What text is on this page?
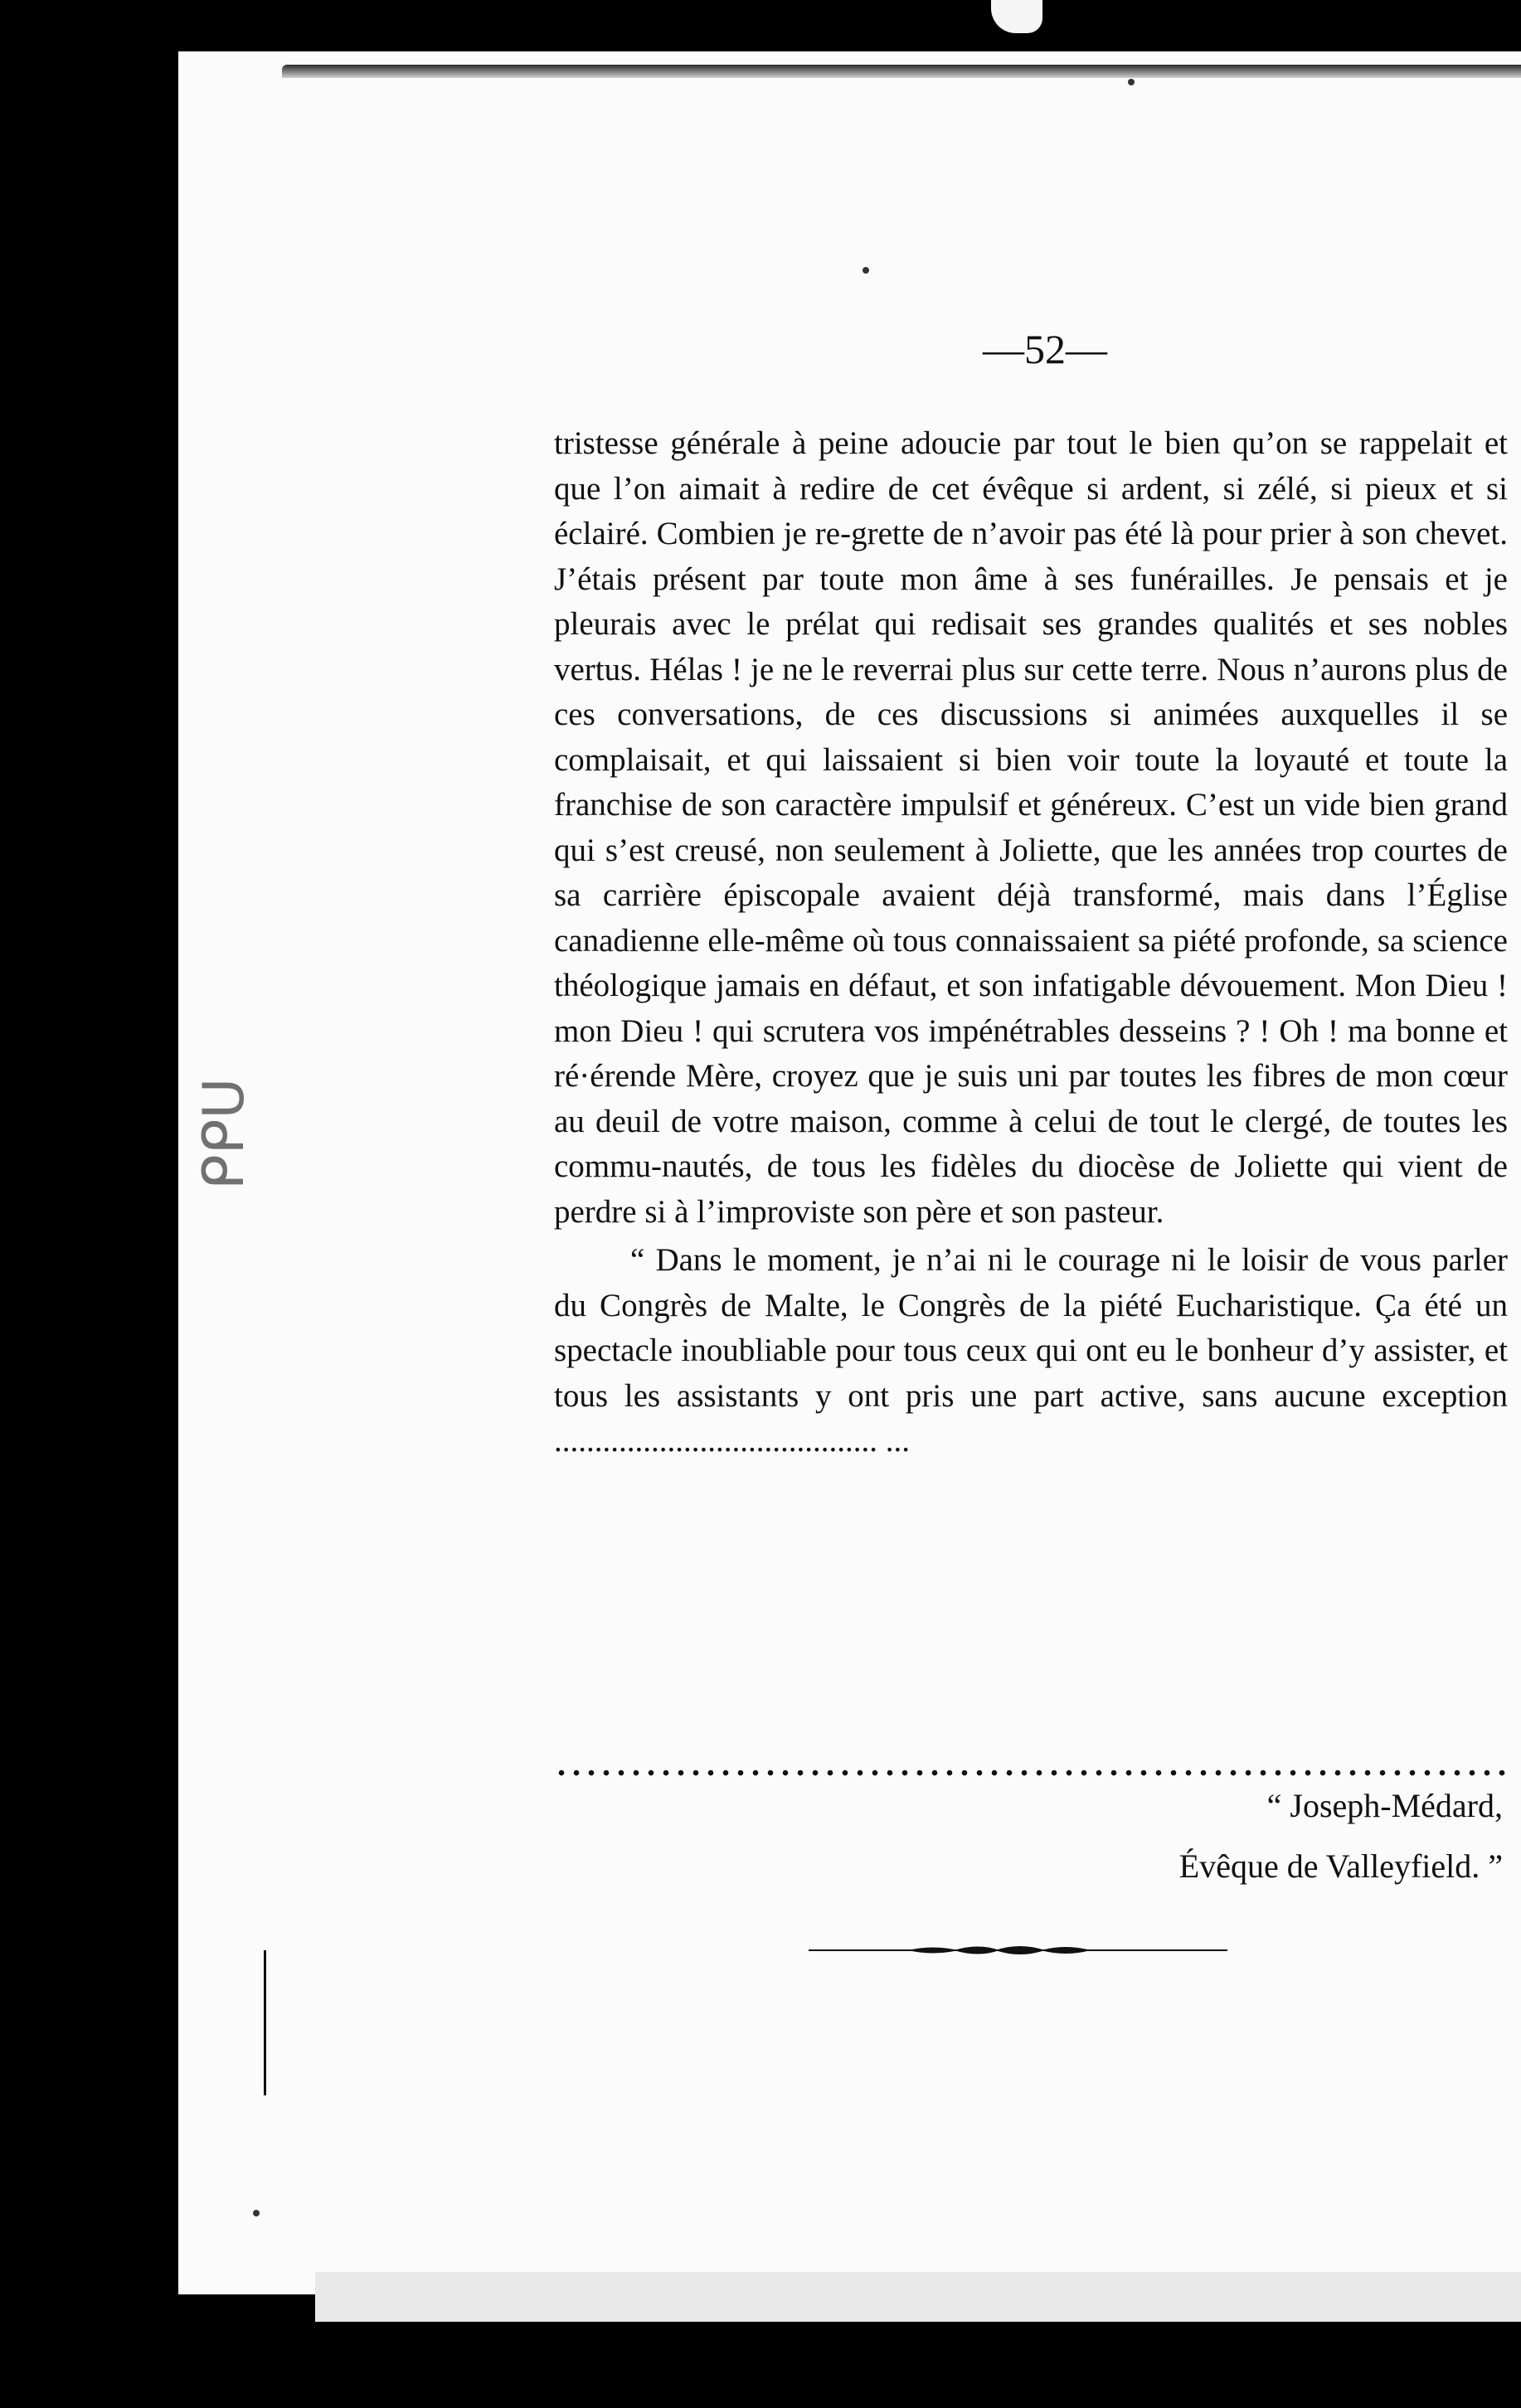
ᑭᑭᑌ
—52—

tristesse générale à peine adoucie par tout le bien qu’on se rappelait et que l’on aimait à redire de cet évêque si ardent, si zélé, si pieux et si éclairé. Combien je re-grette de n’avoir pas été là pour prier à son chevet. J’étais présent par toute mon âme à ses funérailles. Je pensais et je pleurais avec le prélat qui redisait ses grandes qualités et ses nobles vertus. Hélas ! je ne le reverrai plus sur cette terre. Nous n’aurons plus de ces conversations, de ces discussions si animées auxquelles il se complaisait, et qui laissaient si bien voir toute la loyauté et toute la franchise de son caractère impulsif et généreux. C’est un vide bien grand qui s’est creusé, non seulement à Joliette, que les années trop courtes de sa carrière épiscopale avaient déjà transformé, mais dans l’Église canadienne elle-même où tous connaissaient sa piété profonde, sa science théologique jamais en défaut, et son infatigable dévouement. Mon Dieu ! mon Dieu ! qui scrutera vos impénétrables desseins ? ! Oh ! ma bonne et ré·érende Mère, croyez que je suis uni par toutes les fibres de mon cœur au deuil de votre maison, comme à celui de tout le clergé, de toutes les commu-nautés, de tous les fidèles du diocèse de Joliette qui vient de perdre si à l’improviste son père et son pasteur.

“ Dans le moment, je n’ai ni le courage ni le loisir de vous parler du Congrès de Malte, le Congrès de la piété Eucharistique. Ça été un spectacle inoubliable pour tous ceux qui ont eu le bonheur d’y assister, et tous les assistants y ont pris une part active, sans aucune exception ........................................ ...

“ Joseph-Médard,
Évêque de Valleyfield. ”
